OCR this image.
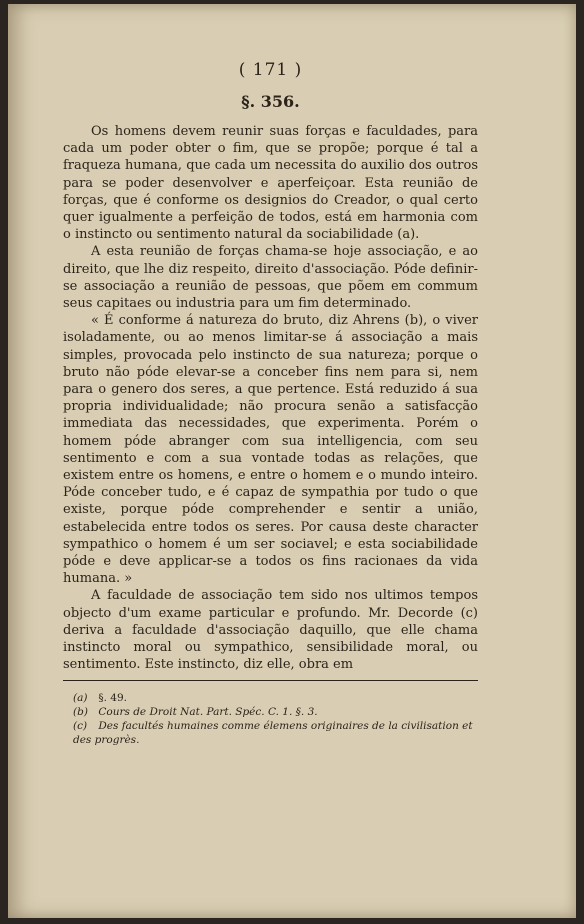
( 171 )
§. 356.

Os homens devem reunir suas forças e faculdades, para cada um poder obter o fim, que se propõe; porque é tal a fraqueza humana, que cada um necessita do auxilio dos outros para se poder desenvolver e aperfeiçoar. Esta reunião de forças, que é conforme os designios do Creador, o qual certo quer igualmente a perfeição de todos, está em harmonia com o instincto ou sentimento natural da sociabilidade (a).

A esta reunião de forças chama-se hoje associação, e ao direito, que lhe diz respeito, direito d'associação. Póde definir-se associação a reunião de pessoas, que põem em commum seus capitaes ou industria para um fim determinado.

« É conforme á natureza do bruto, diz Ahrens (b), o viver isoladamente, ou ao menos limitar-se á associação a mais simples, provocada pelo instincto de sua natureza; porque o bruto não póde elevar-se a conceber fins nem para si, nem para o genero dos seres, a que pertence. Está reduzido á sua propria individualidade; não procura senão a satisfacção immediata das necessidades, que experimenta. Porém o homem póde abranger com sua intelligencia, com seu sentimento e com a sua vontade todas as relações, que existem entre os homens, e entre o homem e o mundo inteiro. Póde conceber tudo, e é capaz de sympathia por tudo o que existe, porque póde comprehender e sentir a união, estabelecida entre todos os seres. Por causa deste character sympathico o homem é um ser sociavel; e esta sociabilidade póde e deve applicar-se a todos os fins racionaes da vida humana. »

A faculdade de associação tem sido nos ultimos tempos objecto d'um exame particular e profundo. Mr. Decorde (c) deriva a faculdade d'associação daquillo, que elle chama instincto moral ou sympathico, sensibilidade moral, ou sentimento. Este instincto, diz elle, obra em

(a) §. 49.

(b) Cours de Droit Nat. Part. Spéc. C. 1. §. 3.

(c) Des facultés humaines comme élemens originaires de la civilisation et des progrès.
